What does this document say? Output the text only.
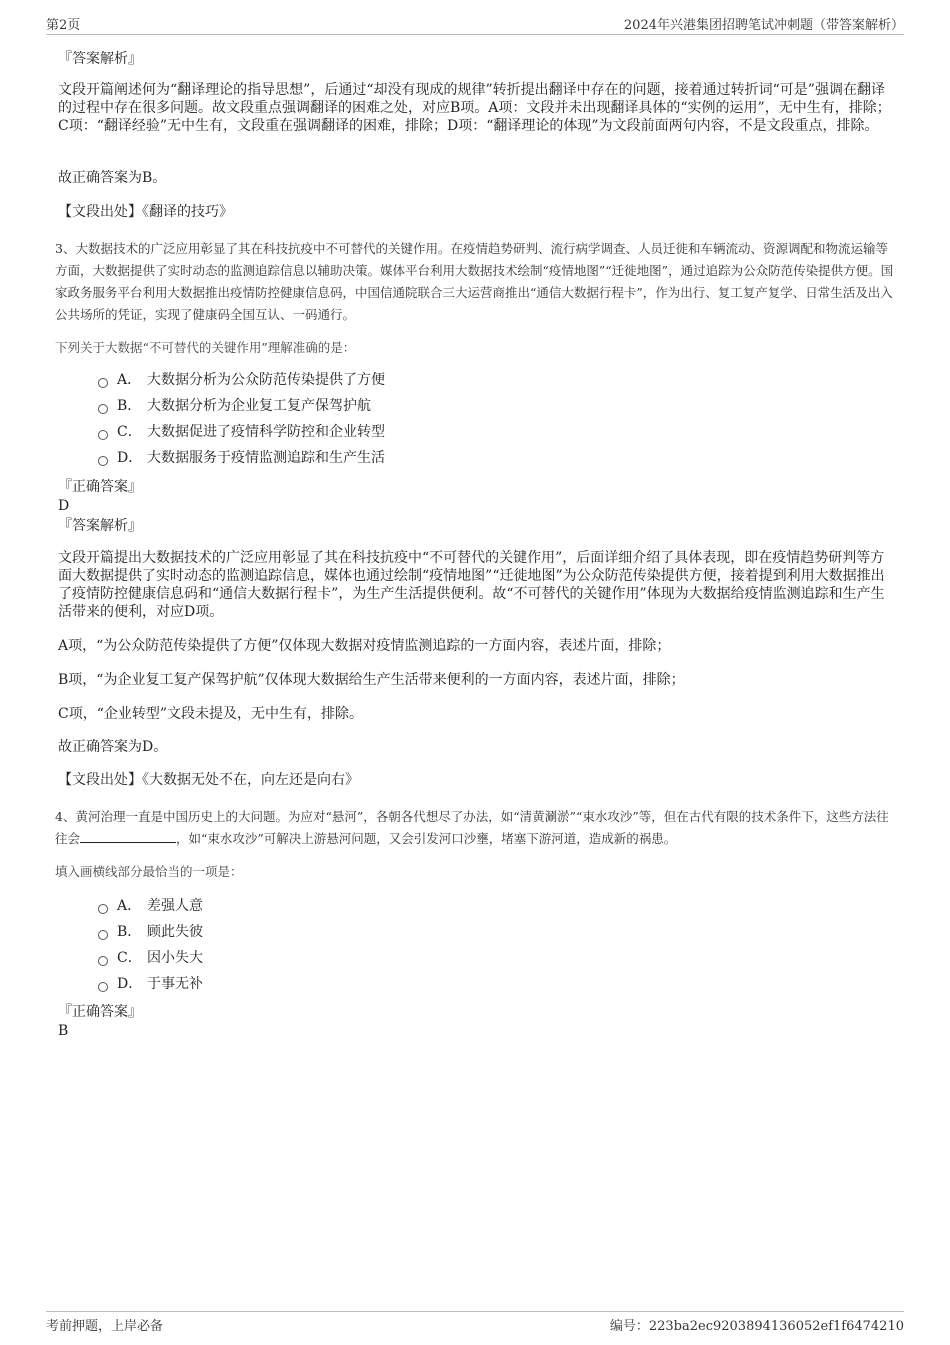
第2页	2024年兴港集团招聘笔试冲刺题（带答案解析）
『答案解析』

文段开篇阐述何为“翻译理论的指导思想”，后通过“却没有现成的规律”转折提出翻译中存在的问题，接着通过转折词“可是”强调在翻译的过程中存在很多问题。故文段重点强调翻译的困难之处，对应B项。A项：文段并未出现翻译具体的“实例的运用”，无中生有，排除；C项：“翻译经验”无中生有，文段重在强调翻译的困难，排除；D项：“翻译理论的体现”为文段前面两句内容，不是文段重点，排除。

故正确答案为B。

【文段出处】《翻译的技巧》

3、大数据技术的广泛应用彰显了其在科技抗疫中不可替代的关键作用。在疫情趋势研判、流行病学调查、人员迁徙和车辆流动、资源调配和物流运输等方面，大数据提供了实时动态的监测追踪信息以辅助决策。媒体平台利用大数据技术绘制“疫情地图”“迁徙地图”，通过追踪为公众防范传染提供方便。国家政务服务平台利用大数据推出疫情防控健康信息码，中国信通院联合三大运营商推出“通信大数据行程卡”，作为出行、复工复产复学、日常生活及出入公共场所的凭证，实现了健康码全国互认、一码通行。

下列关于大数据“不可替代的关键作用”理解准确的是：
A． 大数据分析为公众防范传染提供了方便
B． 大数据分析为企业复工复产保驾护航
C． 大数据促进了疫情科学防控和企业转型
D． 大数据服务于疫情监测追踪和生产生活
『正确答案』
D
『答案解析』

文段开篇提出大数据技术的广泛应用彰显了其在科技抗疫中“不可替代的关键作用”，后面详细介绍了具体表现，即在疫情趋势研判等方面大数据提供了实时动态的监测追踪信息，媒体也通过绘制“疫情地图”“迁徙地图”为公众防范传染提供方便，接着提到利用大数据推出了疫情防控健康信息码和“通信大数据行程卡”，为生产生活提供便利。故“不可替代的关键作用”体现为大数据给疫情监测追踪和生产生活带来的便利，对应D项。

A项，“为公众防范传染提供了方便”仅体现大数据对疫情监测追踪的一方面内容，表述片面，排除；

B项，“为企业复工复产保驾护航”仅体现大数据给生产生活带来便利的一方面内容，表述片面，排除；

C项，“企业转型”文段未提及，无中生有，排除。

故正确答案为D。

【文段出处】《大数据无处不在，向左还是向右》

4、黄河治理一直是中国历史上的大问题。为应对“悬河”，各朝各代想尽了办法，如“清黄涮淤”“束水攻沙”等，但在古代有限的技术条件下，这些方法往往会	，如“束水攻沙”可解决上游悬河问题，又会引发河口沙壅，堵塞下游河道，造成新的祸患。

填入画横线部分最恰当的一项是：
A． 差强人意
B． 顾此失彼
C． 因小失大
D． 于事无补
『正确答案』
B
考前押题，上岸必备	编号：223ba2ec9203894136052ef1f6474210
